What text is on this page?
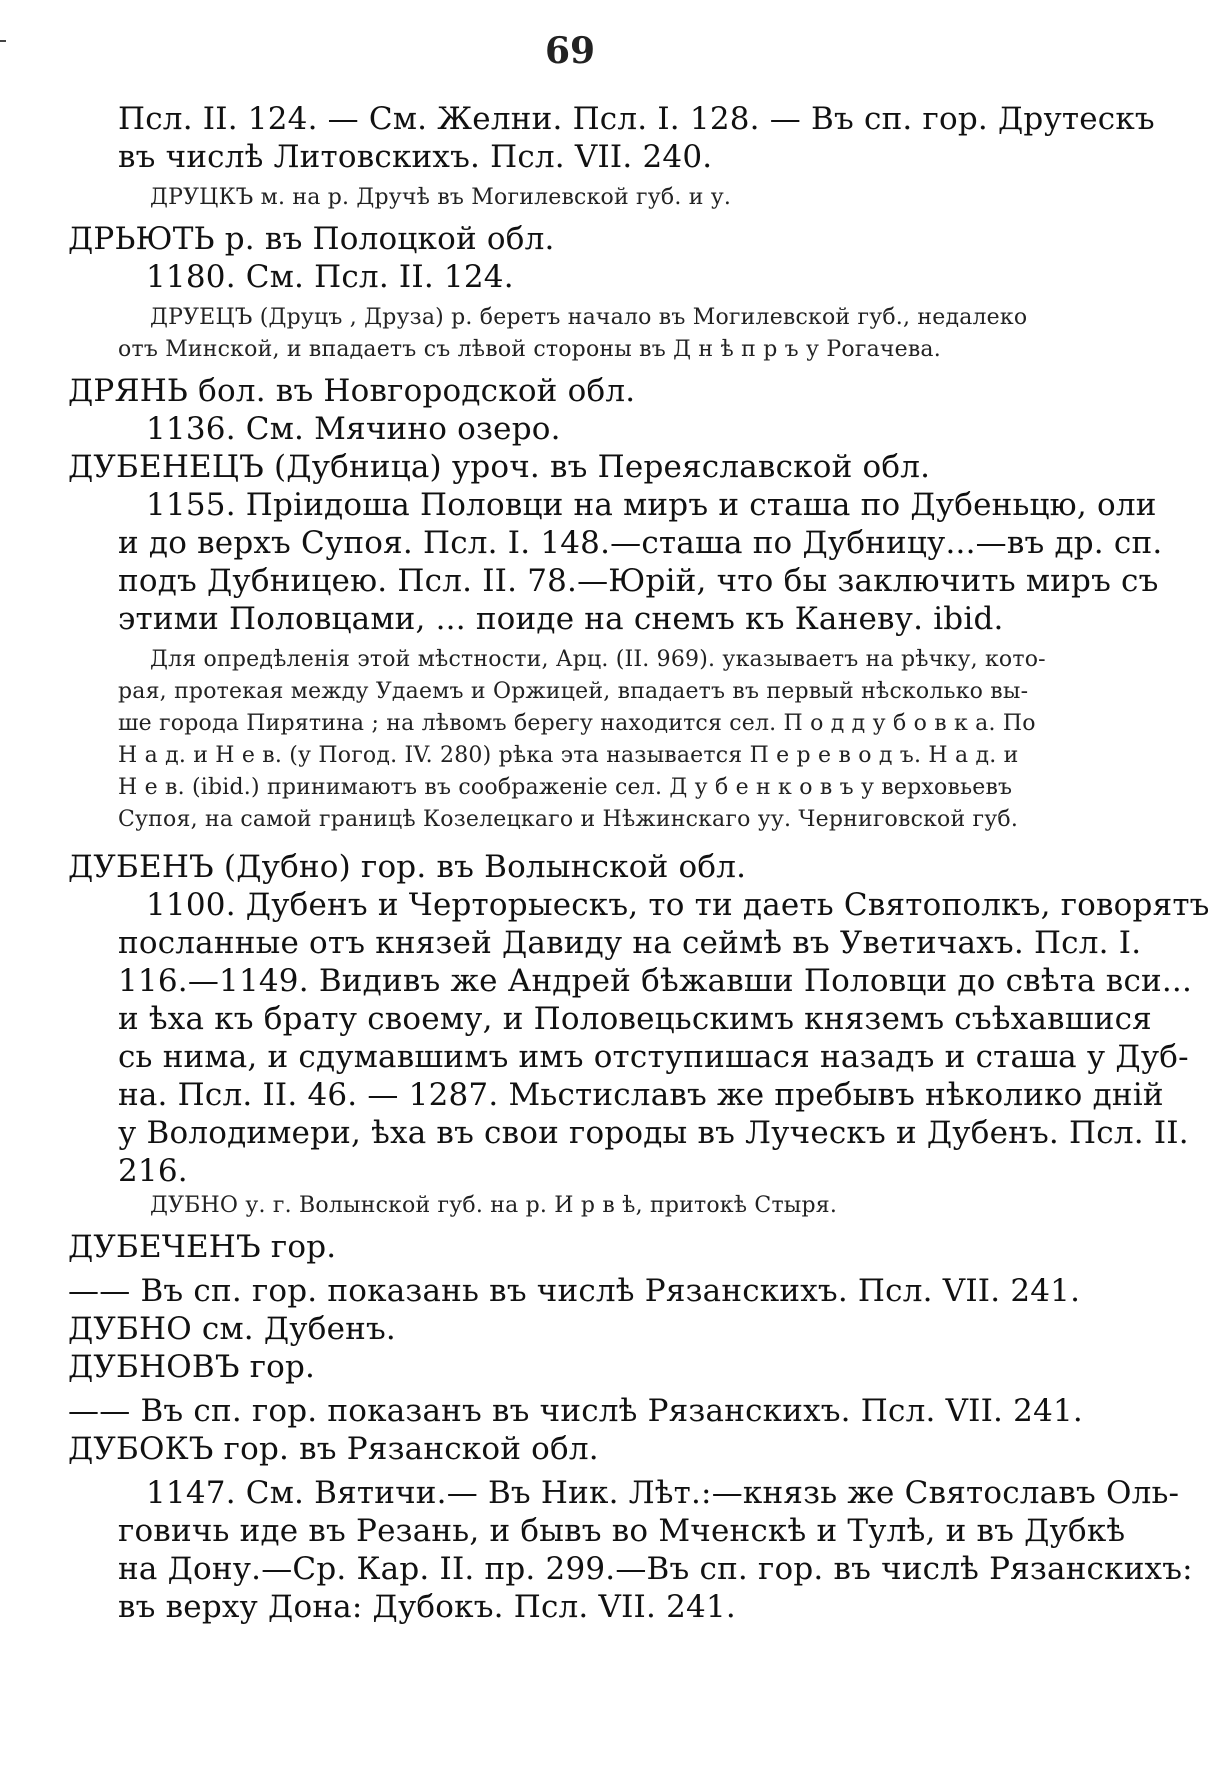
69
Псл. II. 124. — См. Желни. Псл. I. 128. — Въ сп. гор. Друтескъ
въ числѣ Литовскихъ. Псл. VII. 240.
ДРУЦКЪ м. на р. Дручѣ въ Могилевской губ. и у.
ДРЬЮТЬ р. въ Полоцкой обл.
1180. См. Псл. II. 124.
ДРУЕЦЪ (Друцъ , Друза) р. беретъ начало въ Могилевской губ., недалеко
отъ Минской, и впадаетъ съ лѣвой стороны въ Д н ѣ п р ъ у Рогачева.
ДРЯНЬ бол. въ Новгородской обл.
1136. См. Мячино озеро.
ДУБЕНЕЦЪ (Дубница) уроч. въ Переяславской обл.
1155. Пріидоша Половци на миръ и сташа по Дубеньцю, оли
и до верхъ Супоя. Псл. I. 148.—сташа по Дубницу...—въ др. сп.
подъ Дубницею. Псл. II. 78.—Юрій, что бы заключить миръ съ
этими Половцами, ... поиде на снемъ къ Каневу. ibid.
Для опредѣленія этой мѣстности, Арц. (II. 969). указываетъ на рѣчку, кото-
рая, протекая между Удаемъ и Оржицей, впадаетъ въ первый нѣсколько вы-
ше города Пирятина ; на лѣвомъ берегу находится сел. П о д д у б о в к а. По
Н а д. и Н е в. (у Погод. IV. 280) рѣка эта называется П е р е в о д ъ. Н а д. и
Н е в. (ibid.) принимаютъ въ соображеніе сел. Д у б е н к о в ъ у верховьевъ
Супоя, на самой границѣ Козелецкаго и Нѣжинскаго уу. Черниговской губ.
ДУБЕНЪ (Дубно) гор. въ Волынской обл.
1100. Дубенъ и Черторыескъ, то ти даеть Святополкъ, говорятъ
посланные отъ князей Давиду на сеймѣ въ Уветичахъ. Псл. I.
116.—1149. Видивъ же Андрей бѣжавши Половци до свѣта вси...
и ѣха къ брату своему, и Половецьскимъ княземъ съѣхавшися
сь нима, и сдумавшимъ имъ отступишася назадъ и сташа у Дуб-
на. Псл. II. 46. — 1287. Мьстиславъ же пребывъ нѣколико днiй
у Володимери, ѣха въ свои городы въ Луческъ и Дубенъ. Псл. II.
216.
ДУБНО у. г. Волынской губ. на р. И р в ѣ, притокѣ Стыря.
ДУБЕЧЕНЪ гор.
—— Въ сп. гор. показань въ числѣ Рязанскихъ. Псл. VII. 241.
ДУБНО см. Дубенъ.
ДУБНОВЪ гор.
—— Въ сп. гор. показанъ въ числѣ Рязанскихъ. Псл. VII. 241.
ДУБОКЪ гор. въ Рязанской обл.
1147. См. Вятичи.— Въ Ник. Лѣт.:—князь же Святославъ Оль-
говичь иде въ Резань, и бывъ во Мченскѣ и Тулѣ, и въ Дубкѣ
на Дону.—Ср. Кар. II. пр. 299.—Въ сп. гор. въ числѣ Рязанскихъ:
въ верху Дона: Дубокъ. Псл. VII. 241.
